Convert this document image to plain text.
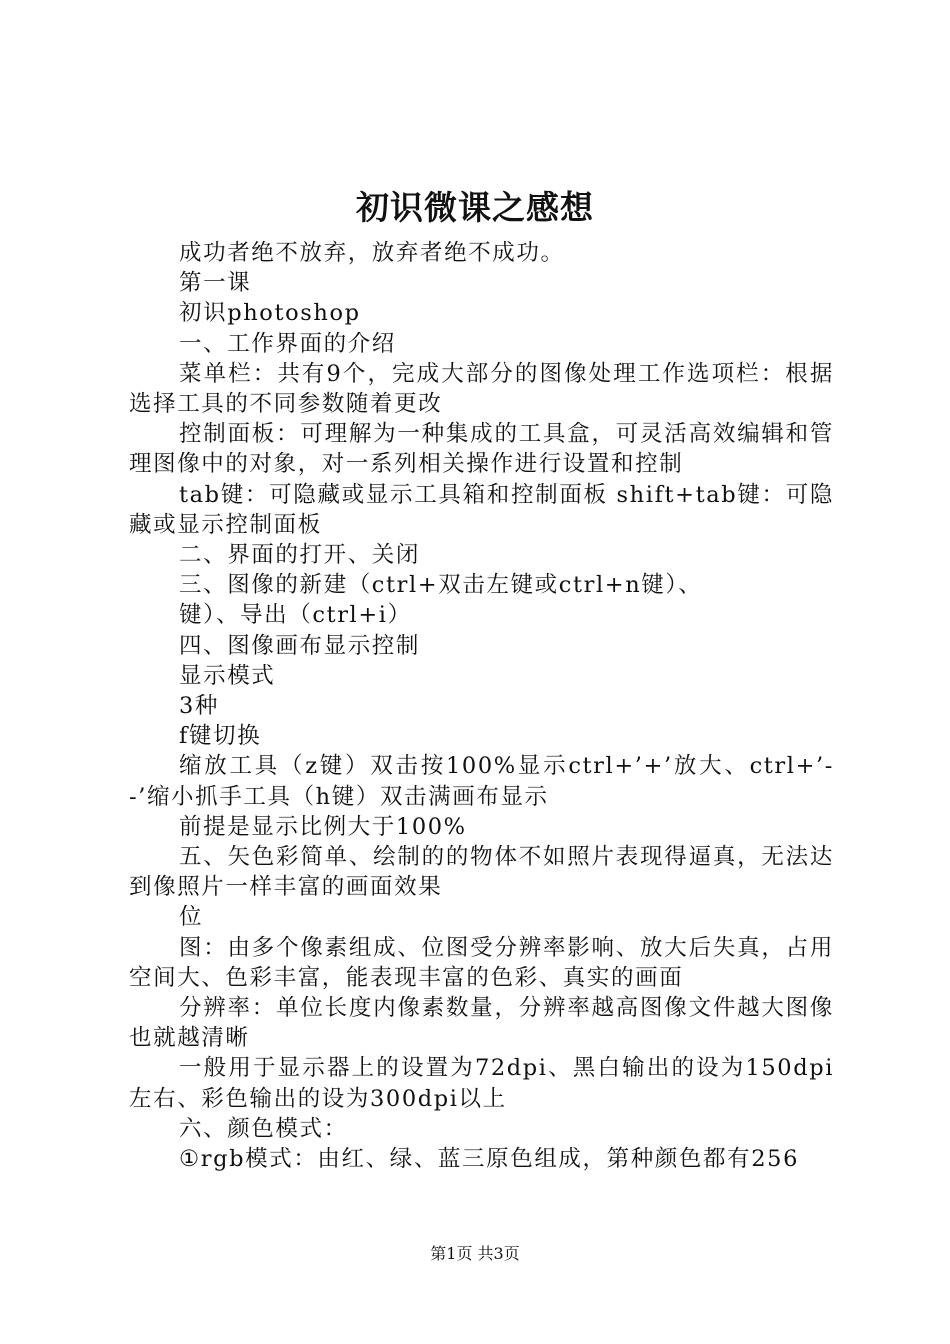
初识微课之感想

成功者绝不放弃，放弃者绝不成功。

第一课

初识photoshop

一、工作界面的介绍

菜单栏：共有9个，完成大部分的图像处理工作选项栏：根据选择工具的不同参数随着更改

控制面板：可理解为一种集成的工具盒，可灵活高效编辑和管理图像中的对象，对一系列相关操作进行设置和控制

tab键：可隐藏或显示工具箱和控制面板 shift+tab键：可隐藏或显示控制面板

二、界面的打开、关闭

三、图像的新建（ctrl+双击左键或ctrl+n键）、

键）、导出（ctrl+i）

四、图像画布显示控制

显示模式

3种

f键切换

缩放工具（z键）双击按100%显示ctrl+’+’放大、ctrl+’--’缩小抓手工具（h键）双击满画布显示

前提是显示比例大于100%

五、矢色彩简单、绘制的的物体不如照片表现得逼真，无法达到像照片一样丰富的画面效果

位

图：由多个像素组成、位图受分辨率影响、放大后失真，占用空间大、色彩丰富，能表现丰富的色彩、真实的画面

分辨率：单位长度内像素数量，分辨率越高图像文件越大图像也就越清晰

一般用于显示器上的设置为72dpi、黑白输出的设为150dpi左右、彩色输出的设为300dpi以上

六、颜色模式：

①rgb模式：由红、绿、蓝三原色组成，第种颜色都有256

第1页 共3页
